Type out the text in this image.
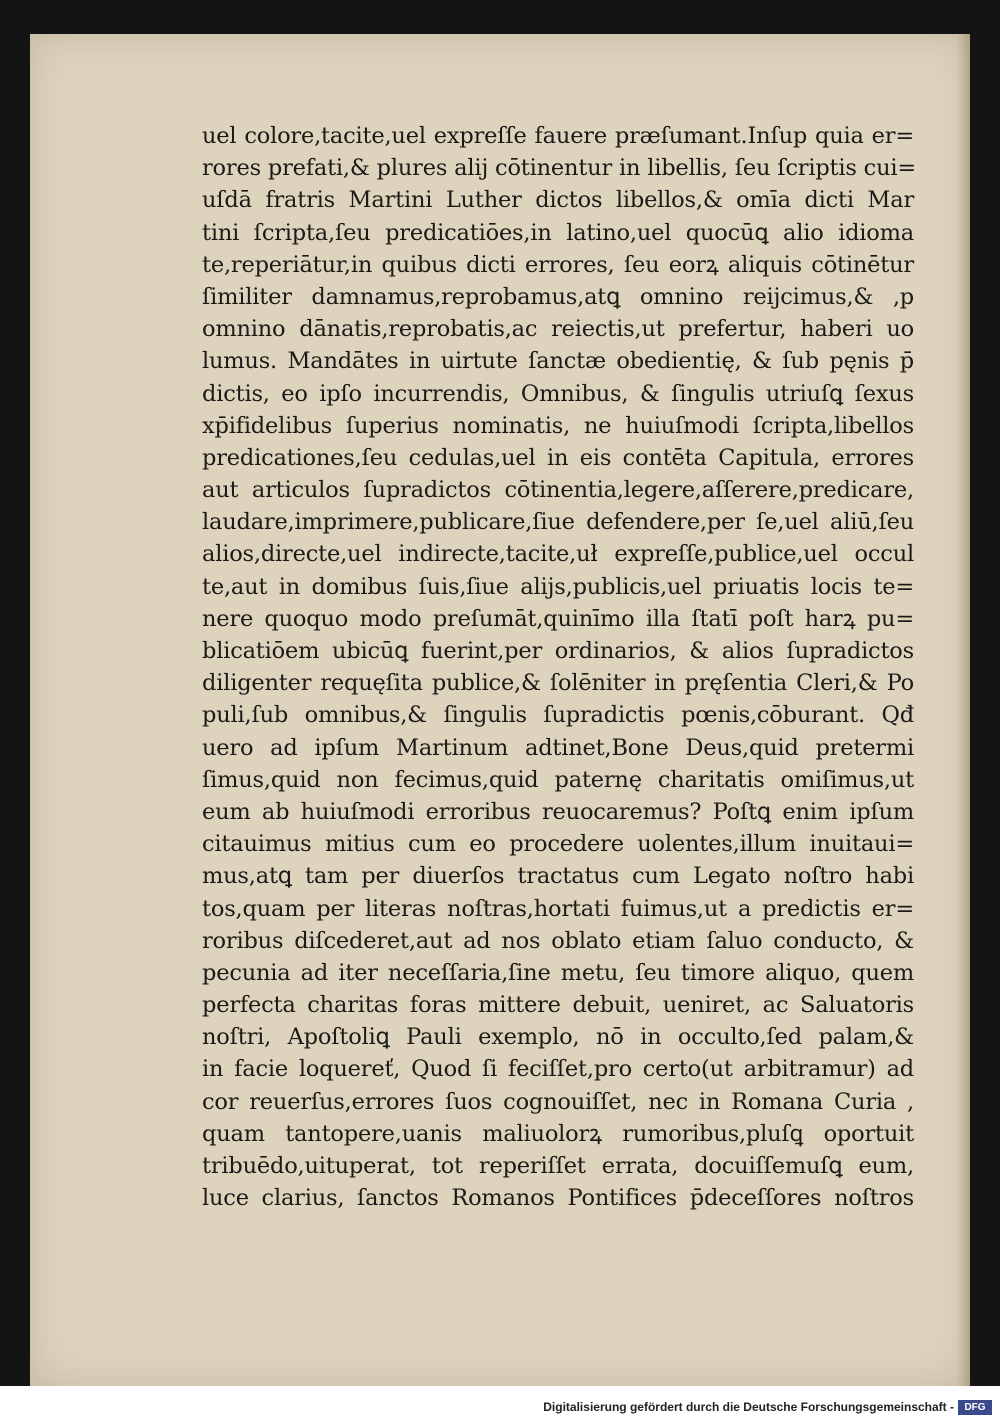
uel colore,tacite,uel expreſſe fauere præſumant.Inſup quia er=
rores prefati,& plures alij cōtinentur in libellis, ſeu ſcriptis cui=
uſdā fratris Martini Luther dictos libellos,& omīa dicti Mar
tini ſcripta,ſeu predicatiōes,in latino,uel quocūꝗ alio idioma
te,reperiātur,in quibus dicti errores, ſeu eorꝝ aliquis cōtinētur
ſimiliter damnamus,reprobamus,atꝗ omnino reijcimus,& ,p
omnino dānatis,reprobatis,ac reiectis,ut prefertur, haberi uo
lumus. Mandātes in uirtute ſanctæ obedientię, & ſub pęnis p̄
dictis, eo ipſo incurrendis, Omnibus, & ſingulis utriuſꝗ ſexus
xp̄ifidelibus ſuperius nominatis, ne huiuſmodi ſcripta,libellos
predicationes,ſeu cedulas,uel in eis contēta Capitula, errores
aut articulos ſupradictos cōtinentia,legere,aſſerere,predicare,
laudare,imprimere,publicare,ſiue defendere,per ſe,uel aliū,ſeu
alios,directe,uel indirecte,tacite,uł expreſſe,publice,uel occul
te,aut in domibus ſuis,ſiue alijs,publicis,uel priuatis locis te=
nere quoquo modo preſumāt,quinīmo illa ſtatī poſt harꝝ pu=
blicatiōem ubicūꝗ fuerint,per ordinarios, & alios ſupradictos
diligenter requęſita publice,& ſolēniter in pręſentia Cleri,& Po
puli,ſub omnibus,& ſingulis ſupradictis pœnis,cōburant. Qđ
uero ad ipſum Martinum adtinet,Bone Deus,quid pretermi
ſimus,quid non fecimus,quid paternę charitatis omiſimus,ut
eum ab huiuſmodi erroribus reuocaremus? Poſtꝗ enim ipſum
citauimus mitius cum eo procedere uolentes,illum inuitaui=
mus,atꝗ tam per diuerſos tractatus cum Legato noſtro habi
tos,quam per literas noſtras,hortati fuimus,ut a predictis er=
roribus diſcederet,aut ad nos oblato etiam ſaluo conducto, &
pecunia ad iter neceſſaria,ſine metu, ſeu timore aliquo, quem
perfecta charitas foras mittere debuit, ueniret, ac Saluatoris
noſtri, Apoſtoliꝗ Pauli exemplo, nō in occulto,ſed palam,&
in facie loquereť, Quod ſi feciſſet,pro certo(ut arbitramur) ad
cor reuerſus,errores ſuos cognouiſſet, nec in Romana Curia ,
quam tantopere,uanis maliuolorꝝ rumoribus,pluſꝗ oportuit
tribuēdo,uituperat, tot reperiſſet errata, docuiſſemuſꝗ eum,
luce clarius, ſanctos Romanos Pontifices p̄deceſſores noſtros
Digitalisierung gefördert durch die Deutsche Forschungsgemeinschaft -	DFG
